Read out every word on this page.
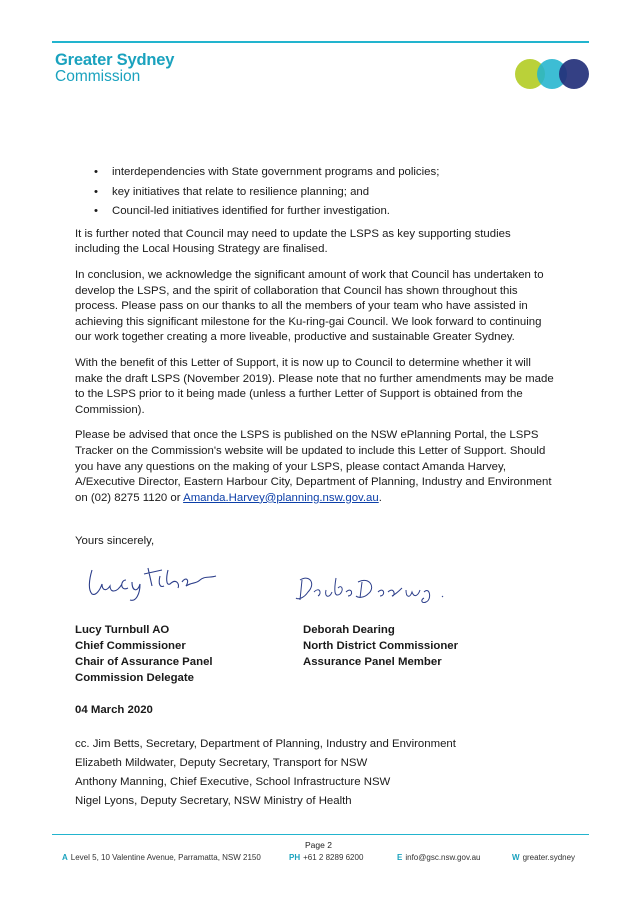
Greater Sydney
Commission
• interdependencies with State government programs and policies;
• key initiatives that relate to resilience planning; and
• Council-led initiatives identified for further investigation.

It is further noted that Council may need to update the LSPS as key supporting studies including the Local Housing Strategy are finalised.

In conclusion, we acknowledge the significant amount of work that Council has undertaken to develop the LSPS, and the spirit of collaboration that Council has shown throughout this process. Please pass on our thanks to all the members of your team who have assisted in achieving this significant milestone for the Ku-ring-gai Council. We look forward to continuing our work together creating a more liveable, productive and sustainable Greater Sydney.

With the benefit of this Letter of Support, it is now up to Council to determine whether it will make the draft LSPS (November 2019). Please note that no further amendments may be made to the LSPS prior to it being made (unless a further Letter of Support is obtained from the Commission).

Please be advised that once the LSPS is published on the NSW ePlanning Portal, the LSPS Tracker on the Commission's website will be updated to include this Letter of Support. Should you have any questions on the making of your LSPS, please contact Amanda Harvey, A/Executive Director, Eastern Harbour City, Department of Planning, Industry and Environment on (02) 8275 1120 or Amanda.Harvey@planning.nsw.gov.au.

Yours sincerely,
Lucy Turnbull AO
Chief Commissioner
Chair of Assurance Panel
Commission Delegate
Deborah Dearing
North District Commissioner
Assurance Panel Member
04 March 2020
cc. Jim Betts, Secretary, Department of Planning, Industry and Environment
Elizabeth Mildwater, Deputy Secretary, Transport for NSW
Anthony Manning, Chief Executive, School Infrastructure NSW
Nigel Lyons, Deputy Secretary, NSW Ministry of Health
Page 2
A Level 5, 10 Valentine Avenue, Parramatta, NSW 2150	PH +61 2 8289 6200	E info@gsc.nsw.gov.au	W greater.sydney
